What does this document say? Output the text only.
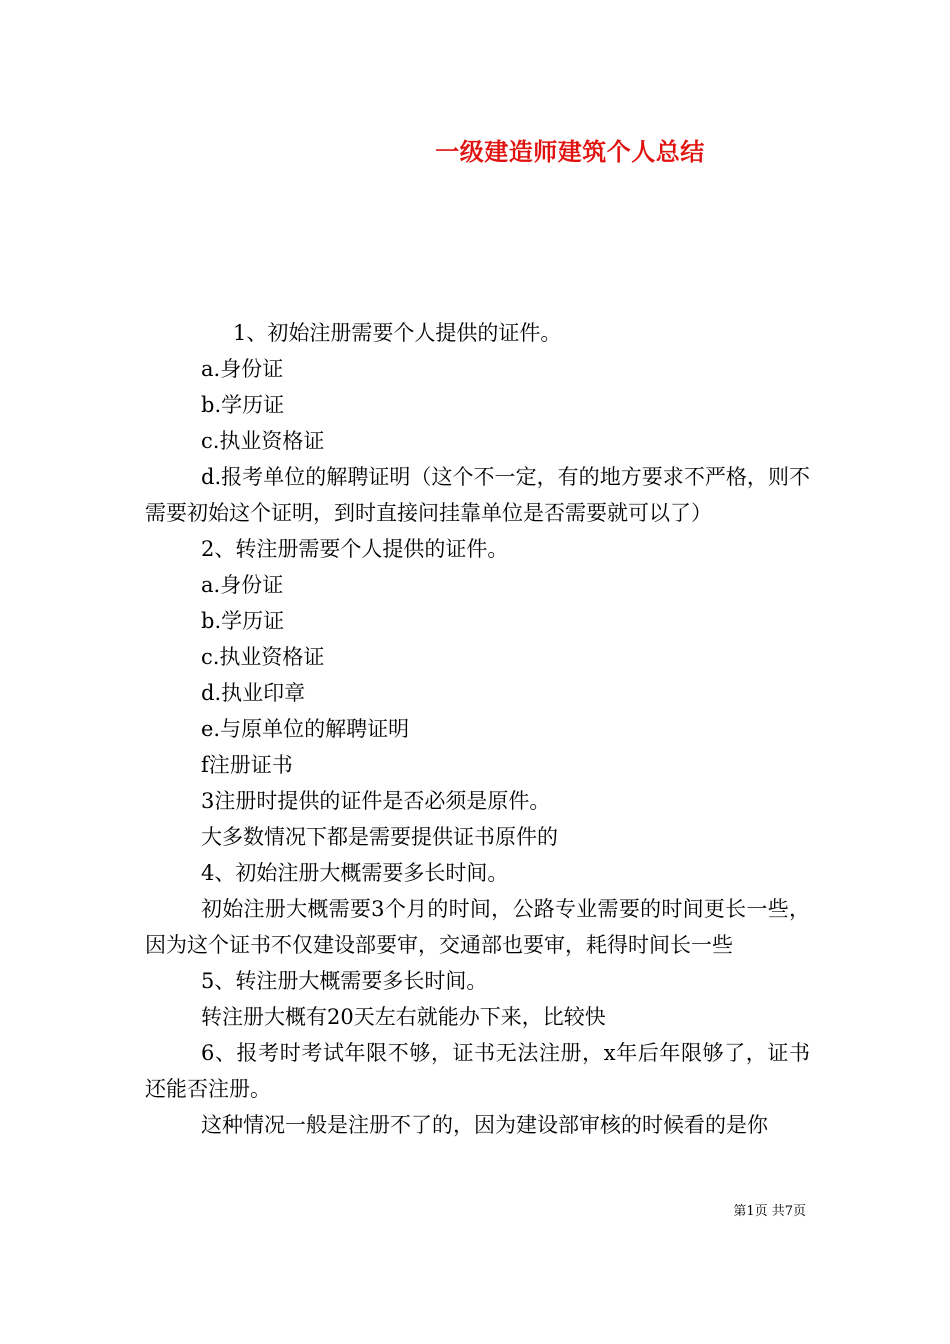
一级建造师建筑个人总结

1、初始注册需要个人提供的证件。

a.身份证

b.学历证

c.执业资格证

d.报考单位的解聘证明（这个不一定，有的地方要求不严格，则不需要初始这个证明，到时直接问挂靠单位是否需要就可以了）

2、转注册需要个人提供的证件。

a.身份证

b.学历证

c.执业资格证

d.执业印章

e.与原单位的解聘证明

f注册证书

3注册时提供的证件是否必须是原件。

大多数情况下都是需要提供证书原件的

4、初始注册大概需要多长时间。

初始注册大概需要3个月的时间，公路专业需要的时间更长一些，因为这个证书不仅建设部要审，交通部也要审，耗得时间长一些

5、转注册大概需要多长时间。

转注册大概有20天左右就能办下来，比较快

6、报考时考试年限不够，证书无法注册，x年后年限够了，证书还能否注册。

这种情况一般是注册不了的，因为建设部审核的时候看的是你

第1页 共7页
